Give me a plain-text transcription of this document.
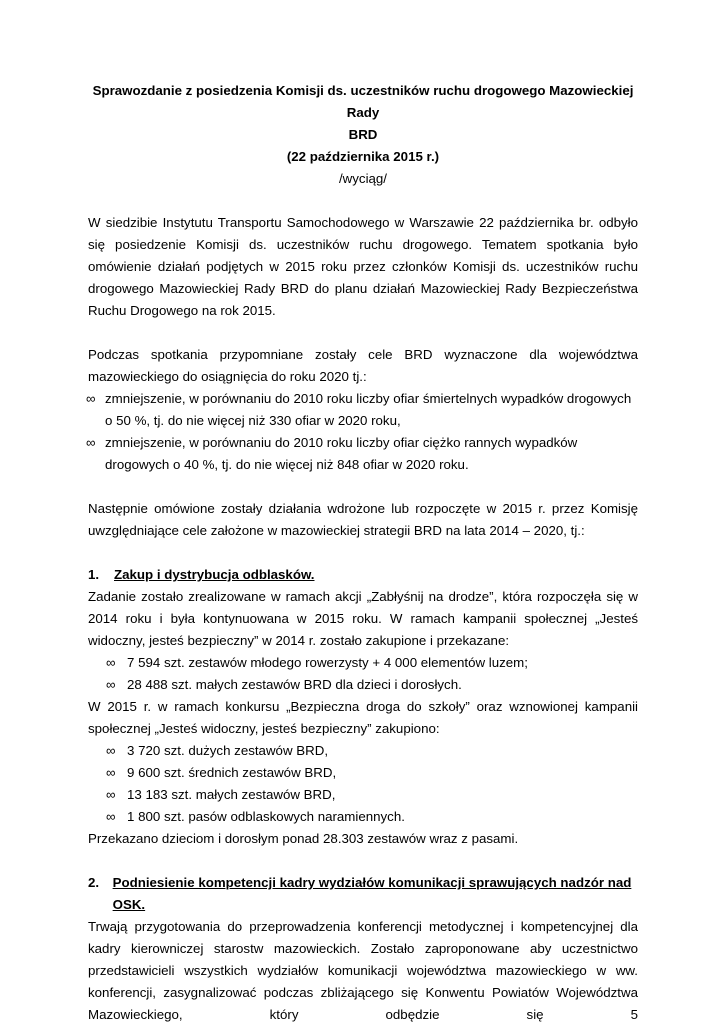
Sprawozdanie z posiedzenia Komisji ds. uczestników ruchu drogowego Mazowieckiej Rady
BRD
(22 października 2015 r.)
/wyciąg/

W siedzibie Instytutu Transportu Samochodowego w Warszawie 22 października br. odbyło się posiedzenie Komisji ds. uczestników ruchu drogowego. Tematem spotkania było omówienie działań podjętych w 2015 roku przez członków Komisji ds. uczestników ruchu drogowego Mazowieckiej Rady BRD do planu działań Mazowieckiej Rady Bezpieczeństwa Ruchu Drogowego na rok 2015.

Podczas spotkania przypomniane zostały cele BRD wyznaczone dla województwa mazowieckiego do osiągnięcia do roku 2020 tj.:

∞ zmniejszenie, w porównaniu do 2010 roku liczby ofiar śmiertelnych wypadków drogowych o 50 %, tj. do nie więcej niż 330 ofiar w 2020 roku,
∞ zmniejszenie, w porównaniu do 2010 roku liczby ofiar ciężko rannych wypadków drogowych o 40 %, tj. do nie więcej niż 848 ofiar w 2020 roku.

Następnie omówione zostały działania wdrożone lub rozpoczęte w 2015 r. przez Komisję uwzględniające cele założone w mazowieckiej strategii BRD na lata 2014 – 2020, tj.:

1.	Zakup i dystrybucja odblasków.

Zadanie zostało zrealizowane w ramach akcji „Zabłyśnij na drodze”, która rozpoczęła się w 2014 roku i była kontynuowana w 2015 roku. W ramach kampanii społecznej „Jesteś widoczny, jesteś bezpieczny” w 2014 r. zostało zakupione i przekazane:

∞ 7 594 szt. zestawów młodego rowerzysty + 4 000 elementów luzem;
∞ 28 488 szt. małych zestawów BRD dla dzieci i dorosłych.

W 2015 r. w ramach konkursu „Bezpieczna droga do szkoły” oraz wznowionej kampanii społecznej „Jesteś widoczny, jesteś bezpieczny” zakupiono:

∞ 3 720 szt. dużych zestawów BRD,
∞ 9 600 szt. średnich zestawów BRD,
∞ 13 183 szt. małych zestawów BRD,
∞ 1 800 szt. pasów odblaskowych naramiennych.

Przekazano dzieciom i dorosłym ponad 28.303 zestawów wraz z pasami.

2.	Podniesienie kompetencji kadry wydziałów komunikacji sprawujących nadzór nad OSK.

Trwają przygotowania do przeprowadzenia konferencji metodycznej i kompetencyjnej dla kadry kierowniczej starostw mazowieckich. Zostało zaproponowane aby uczestnictwo przedstawicieli wszystkich wydziałów komunikacji województwa mazowieckiego w ww. konferencji, zasygnalizować podczas zbliżającego się Konwentu Powiatów Województwa Mazowieckiego, który odbędzie się 5
